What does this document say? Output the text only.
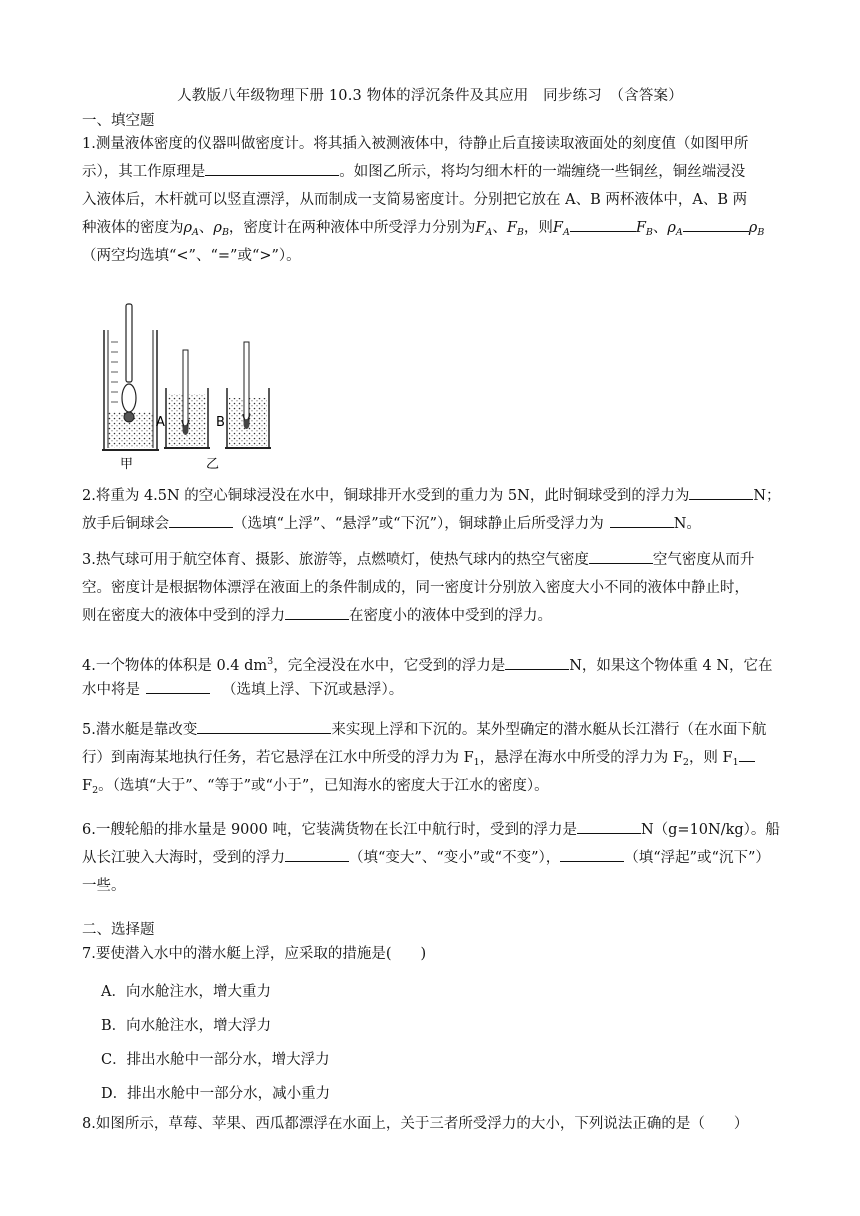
人教版八年级物理下册 10.3 物体的浮沉条件及其应用　同步练习　（含答案）
一、填空题
1.测量液体密度的仪器叫做密度计。将其插入被测液体中，待静止后直接读取液面处的刻度值（如图甲所
示），其工作原理是	。如图乙所示，将均匀细木杆的一端缠绕一些铜丝，铜丝端浸没
入液体后，木杆就可以竖直漂浮，从而制成一支简易密度计。分别把它放在 A、B 两杯液体中，A、B 两
种液体的密度为$\rho_A$、$\rho_B$，密度计在两种液体中所受浮力分别为$F_A$、$F_B$，则$F_A$	$F_B$、$\rho_A$	$\rho_B$
（两空均选填“<”、“=”或“>”）。
A	B
甲	乙
2.将重为 4.5N 的空心铜球浸没在水中，铜球排开水受到的重力为 5N，此时铜球受到的浮力为	N；
放手后铜球会	（选填“上浮”、“悬浮”或“下沉”），铜球静止后所受浮力为	N。
3.热气球可用于航空体育、摄影、旅游等，点燃喷灯，使热气球内的热空气密度	空气密度从而升
空。密度计是根据物体漂浮在液面上的条件制成的，同一密度计分别放入密度大小不同的液体中静止时，
则在密度大的液体中受到的浮力	在密度小的液体中受到的浮力。
4.一个物体的体积是 0.4 $dm^3$，完全浸没在水中，它受到的浮力是	N，如果这个物体重 4 N，它在
水中将是	（选填上浮、下沉或悬浮）。
5.潜水艇是靠改变	来实现上浮和下沉的。某外型确定的潜水艇从长江潜行（在水面下航
行）到南海某地执行任务，若它悬浮在江水中所受的浮力为 $F_1$，悬浮在海水中所受的浮力为 $F_2$，则 $F_1$
$F_2$。（选填“大于”、“等于”或“小于”，已知海水的密度大于江水的密度）。
6.一艘轮船的排水量是 9000 吨，它装满货物在长江中航行时，受到的浮力是	N（g=10N/kg）。船
从长江驶入大海时，受到的浮力	（填“变大”、“变小”或“不变”），	（填“浮起”或“沉下”）
一些。
二、选择题
7.要使潜入水中的潜水艇上浮，应采取的措施是(　　)
A．向水舱注水，增大重力
B．向水舱注水，增大浮力
C．排出水舱中一部分水，增大浮力
D．排出水舱中一部分水，减小重力
8.如图所示，草莓、苹果、西瓜都漂浮在水面上，关于三者所受浮力的大小，下列说法正确的是（　　）
